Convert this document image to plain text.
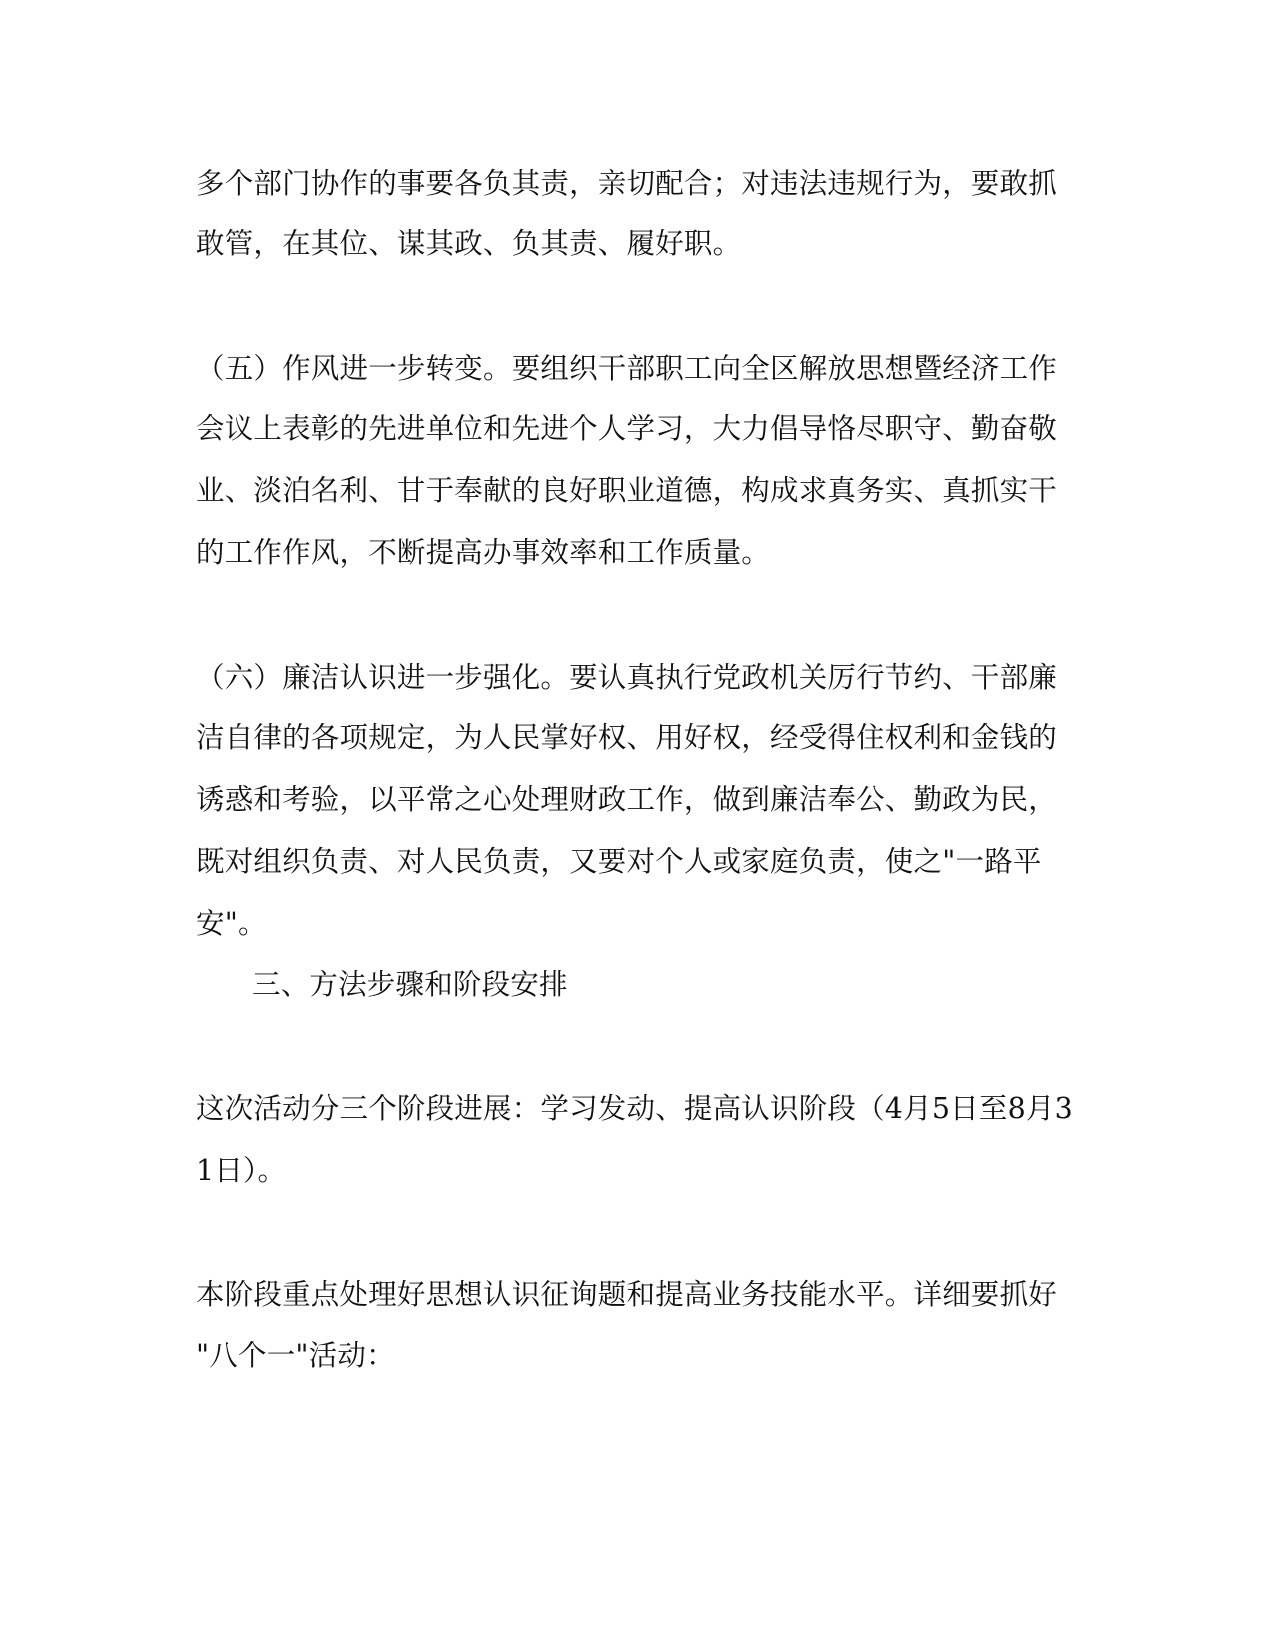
多个部门协作的事要各负其责，亲切配合；对违法违规行为，要敢抓
敢管，在其位、谋其政、负其责、履好职。
（五）作风进一步转变。要组织干部职工向全区解放思想暨经济工作
会议上表彰的先进单位和先进个人学习，大力倡导恪尽职守、勤奋敬
业、淡泊名利、甘于奉献的良好职业道德，构成求真务实、真抓实干
的工作作风，不断提高办事效率和工作质量。
（六）廉洁认识进一步强化。要认真执行党政机关厉行节约、干部廉
洁自律的各项规定，为人民掌好权、用好权，经受得住权利和金钱的
诱惑和考验，以平常之心处理财政工作，做到廉洁奉公、勤政为民，
既对组织负责、对人民负责，又要对个人或家庭负责，使之"一路平
安"。
三、方法步骤和阶段安排
这次活动分三个阶段进展：学习发动、提高认识阶段（4月5日至8月3
1日）。
本阶段重点处理好思想认识征询题和提高业务技能水平。详细要抓好
"八个一"活动：
